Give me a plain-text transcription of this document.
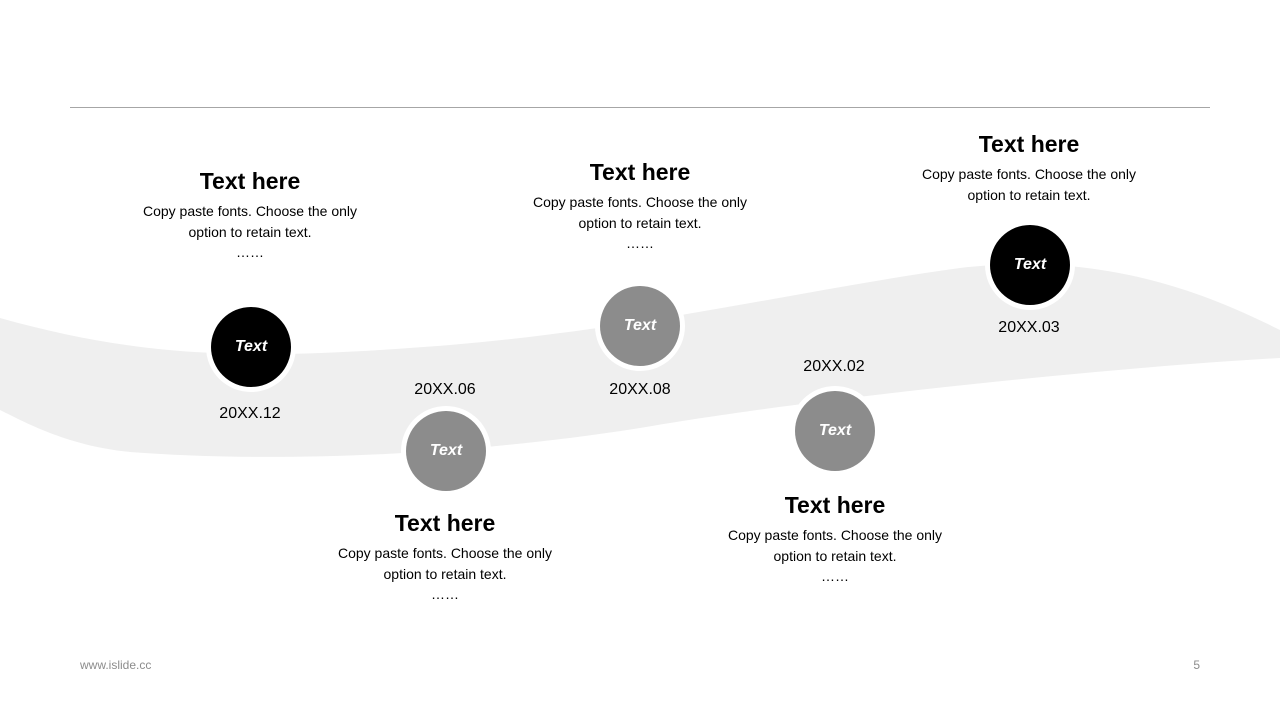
Text here
Copy paste fonts. Choose the only option to retain text.
……
Text
20XX.12
20XX.06
Text
Text here
Copy paste fonts. Choose the only option to retain text.
……
Text here
Copy paste fonts. Choose the only option to retain text.
……
Text
20XX.08
20XX.02
Text
Text here
Copy paste fonts. Choose the only option to retain text.
……
Text here
Copy paste fonts. Choose the only option to retain text.
Text
20XX.03
www.islide.cc	5
